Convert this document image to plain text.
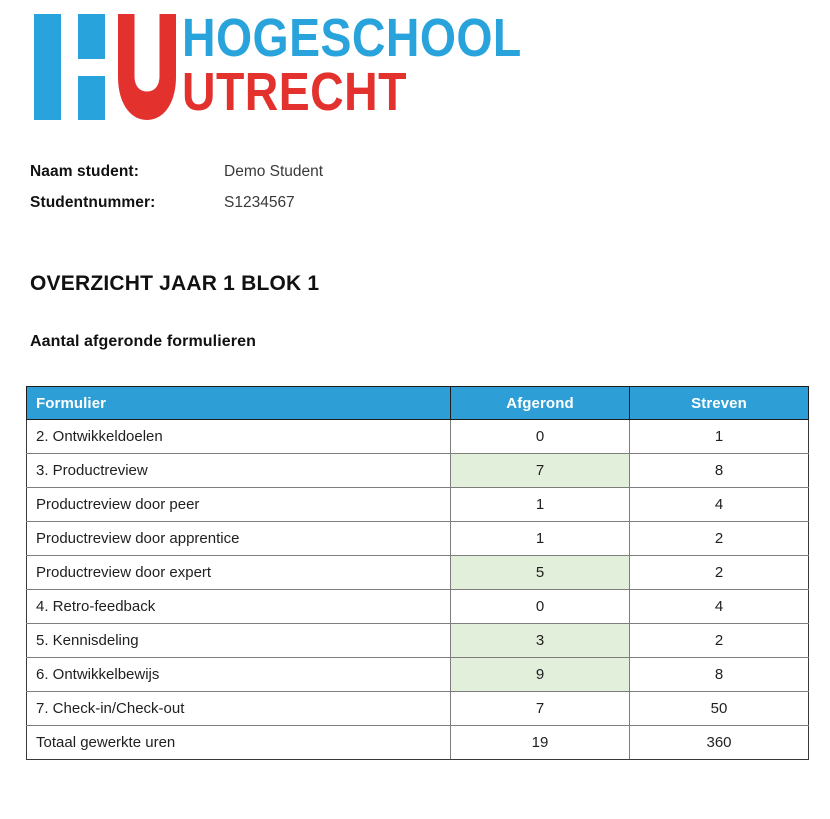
HOGESCHOOL
UTRECHT
Naam student:	Demo Student
Studentnummer:	S1234567
OVERZICHT JAAR 1 BLOK 1
Aantal afgeronde formulieren
Formulier	Afgerond	Streven
2. Ontwikkeldoelen	0	1
3. Productreview	7	8
Productreview door peer	1	4
Productreview door apprentice	1	2
Productreview door expert	5	2
4. Retro-feedback	0	4
5. Kennisdeling	3	2
6. Ontwikkelbewijs	9	8
7. Check-in/Check-out	7	50
Totaal gewerkte uren	19	360
